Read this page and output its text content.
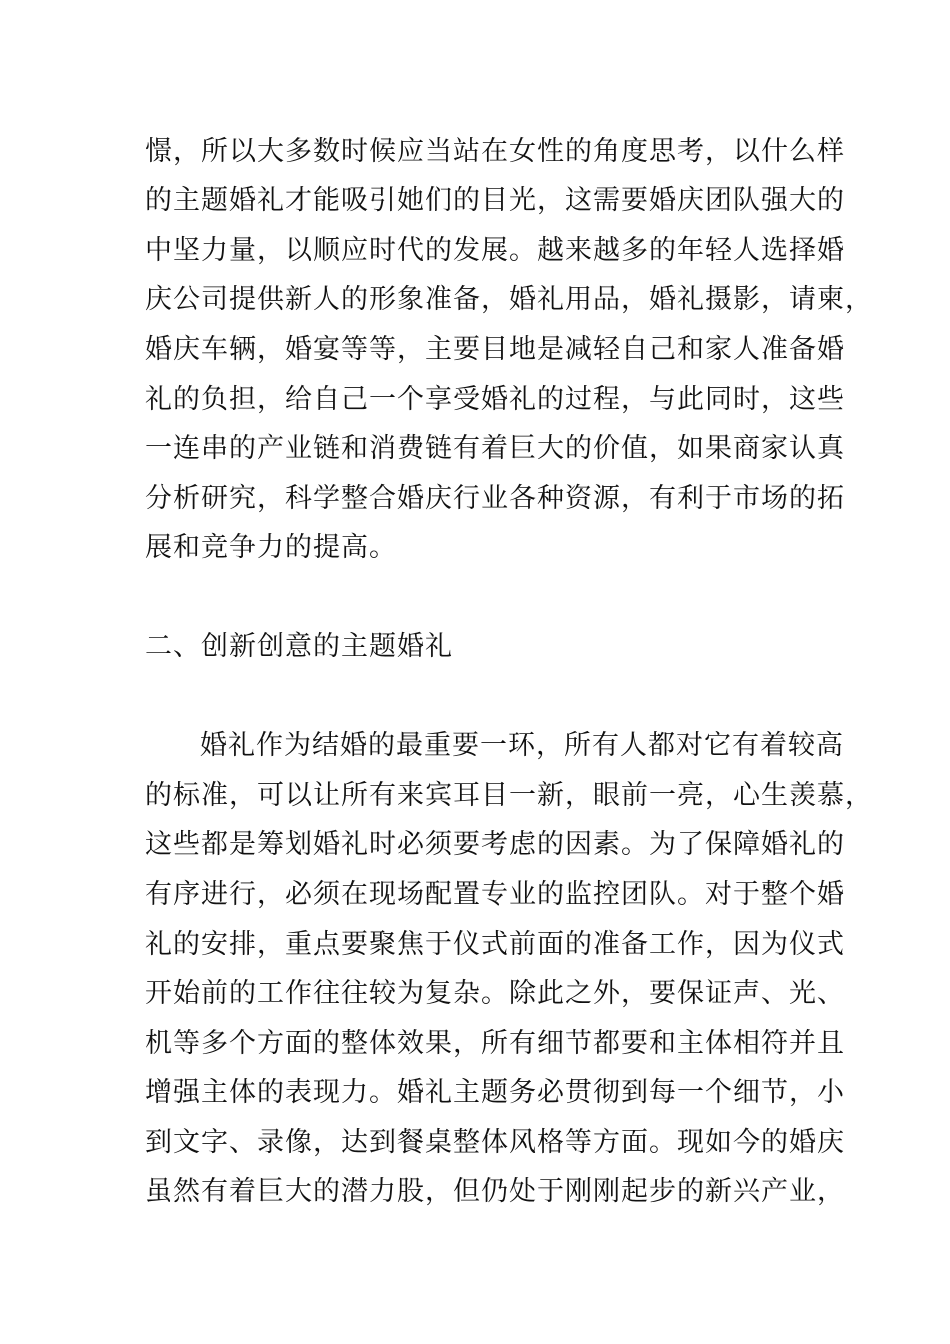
憬，所以大多数时候应当站在女性的角度思考，以什么样
的主题婚礼才能吸引她们的目光，这需要婚庆团队强大的
中坚力量，以顺应时代的发展。越来越多的年轻人选择婚
庆公司提供新人的形象准备，婚礼用品，婚礼摄影，请柬，
婚庆车辆，婚宴等等，主要目地是减轻自己和家人准备婚
礼的负担，给自己一个享受婚礼的过程，与此同时，这些
一连串的产业链和消费链有着巨大的价值，如果商家认真
分析研究，科学整合婚庆行业各种资源，有利于市场的拓
展和竞争力的提高。
二、创新创意的主题婚礼
婚礼作为结婚的最重要一环，所有人都对它有着较高
的标准，可以让所有来宾耳目一新，眼前一亮，心生羡慕，
这些都是筹划婚礼时必须要考虑的因素。为了保障婚礼的
有序进行，必须在现场配置专业的监控团队。对于整个婚
礼的安排，重点要聚焦于仪式前面的准备工作，因为仪式
开始前的工作往往较为复杂。除此之外，要保证声、光、
机等多个方面的整体效果，所有细节都要和主体相符并且
增强主体的表现力。婚礼主题务必贯彻到每一个细节，小
到文字、录像，达到餐桌整体风格等方面。现如今的婚庆
虽然有着巨大的潜力股，但仍处于刚刚起步的新兴产业，
